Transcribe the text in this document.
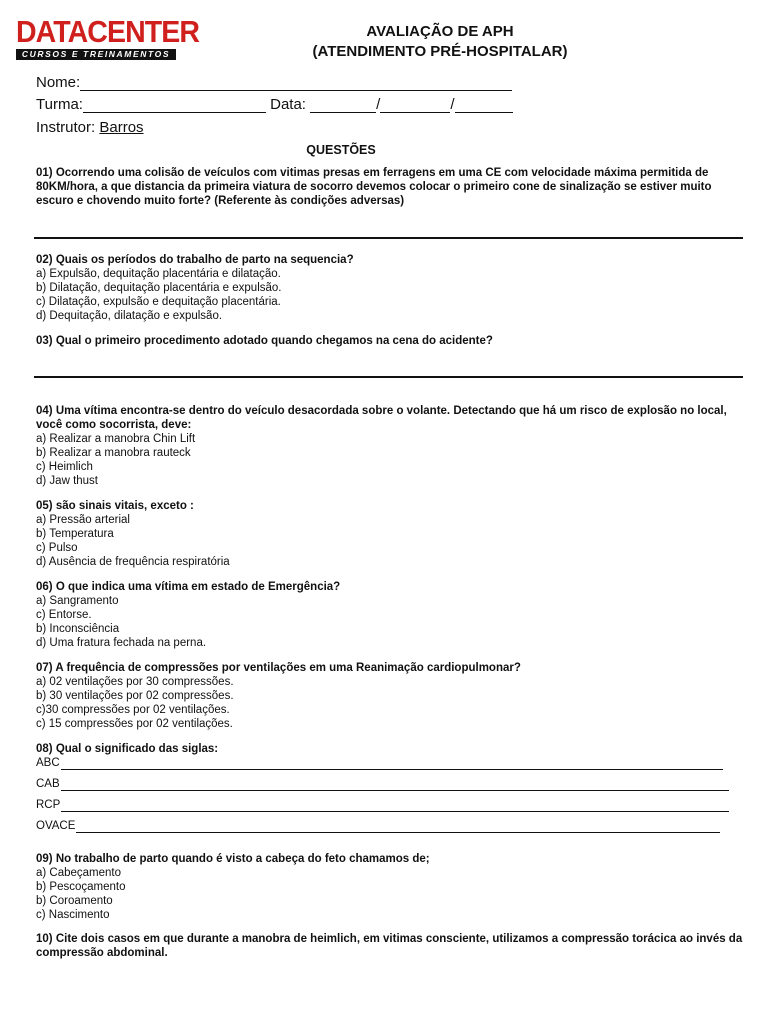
DATACENTER
CURSOS E TREINAMENTOS
AVALIAÇÃO DE APH
(ATENDIMENTO PRÉ-HOSPITALAR)
Nome:
Turma:	Data:	/	/
Instrutor: Barros
QUESTÕES
01) Ocorrendo uma colisão de veículos com vitimas presas em ferragens em uma CE com velocidade máxima permitida de 80KM/hora, a que distancia da primeira viatura de socorro devemos colocar o primeiro cone de sinalização se estiver muito escuro e chovendo muito forte? (Referente às condições adversas)
02) Quais os períodos do trabalho de parto na sequencia?
a) Expulsão, dequitação placentária e dilatação.
b) Dilatação, dequitação placentária e expulsão.
c) Dilatação, expulsão e dequitação placentária.
d) Dequitação, dilatação e expulsão.
03) Qual o primeiro procedimento adotado quando chegamos na cena do acidente?
04) Uma vítima encontra-se dentro do veículo desacordada sobre o volante. Detectando que há um risco de explosão no local, você como socorrista, deve:
a) Realizar a manobra Chin Lift
b) Realizar a manobra rauteck
c) Heimlich
d) Jaw thust
05) são sinais vitais, exceto :
a) Pressão arterial
b) Temperatura
c) Pulso
d) Ausência de frequência respiratória
06) O que indica uma vítima em estado de Emergência?
a) Sangramento
c) Entorse.
b) Inconsciência
d) Uma fratura fechada na perna.
07) A frequência de compressões por ventilações em uma Reanimação cardiopulmonar?
a) 02 ventilações por 30 compressões.
b) 30 ventilações por 02 compressões.
c)30 compressões por 02 ventilações.
c) 15 compressões por 02 ventilações.
08) Qual o significado das siglas:
ABC
CAB
RCP
OVACE
09) No trabalho de parto quando é visto a cabeça do feto chamamos de;
a) Cabeçamento
b) Pescoçamento
b) Coroamento
c) Nascimento
10) Cite dois casos em que durante a manobra de heimlich, em vitimas consciente, utilizamos a compressão torácica ao invés da compressão abdominal.
